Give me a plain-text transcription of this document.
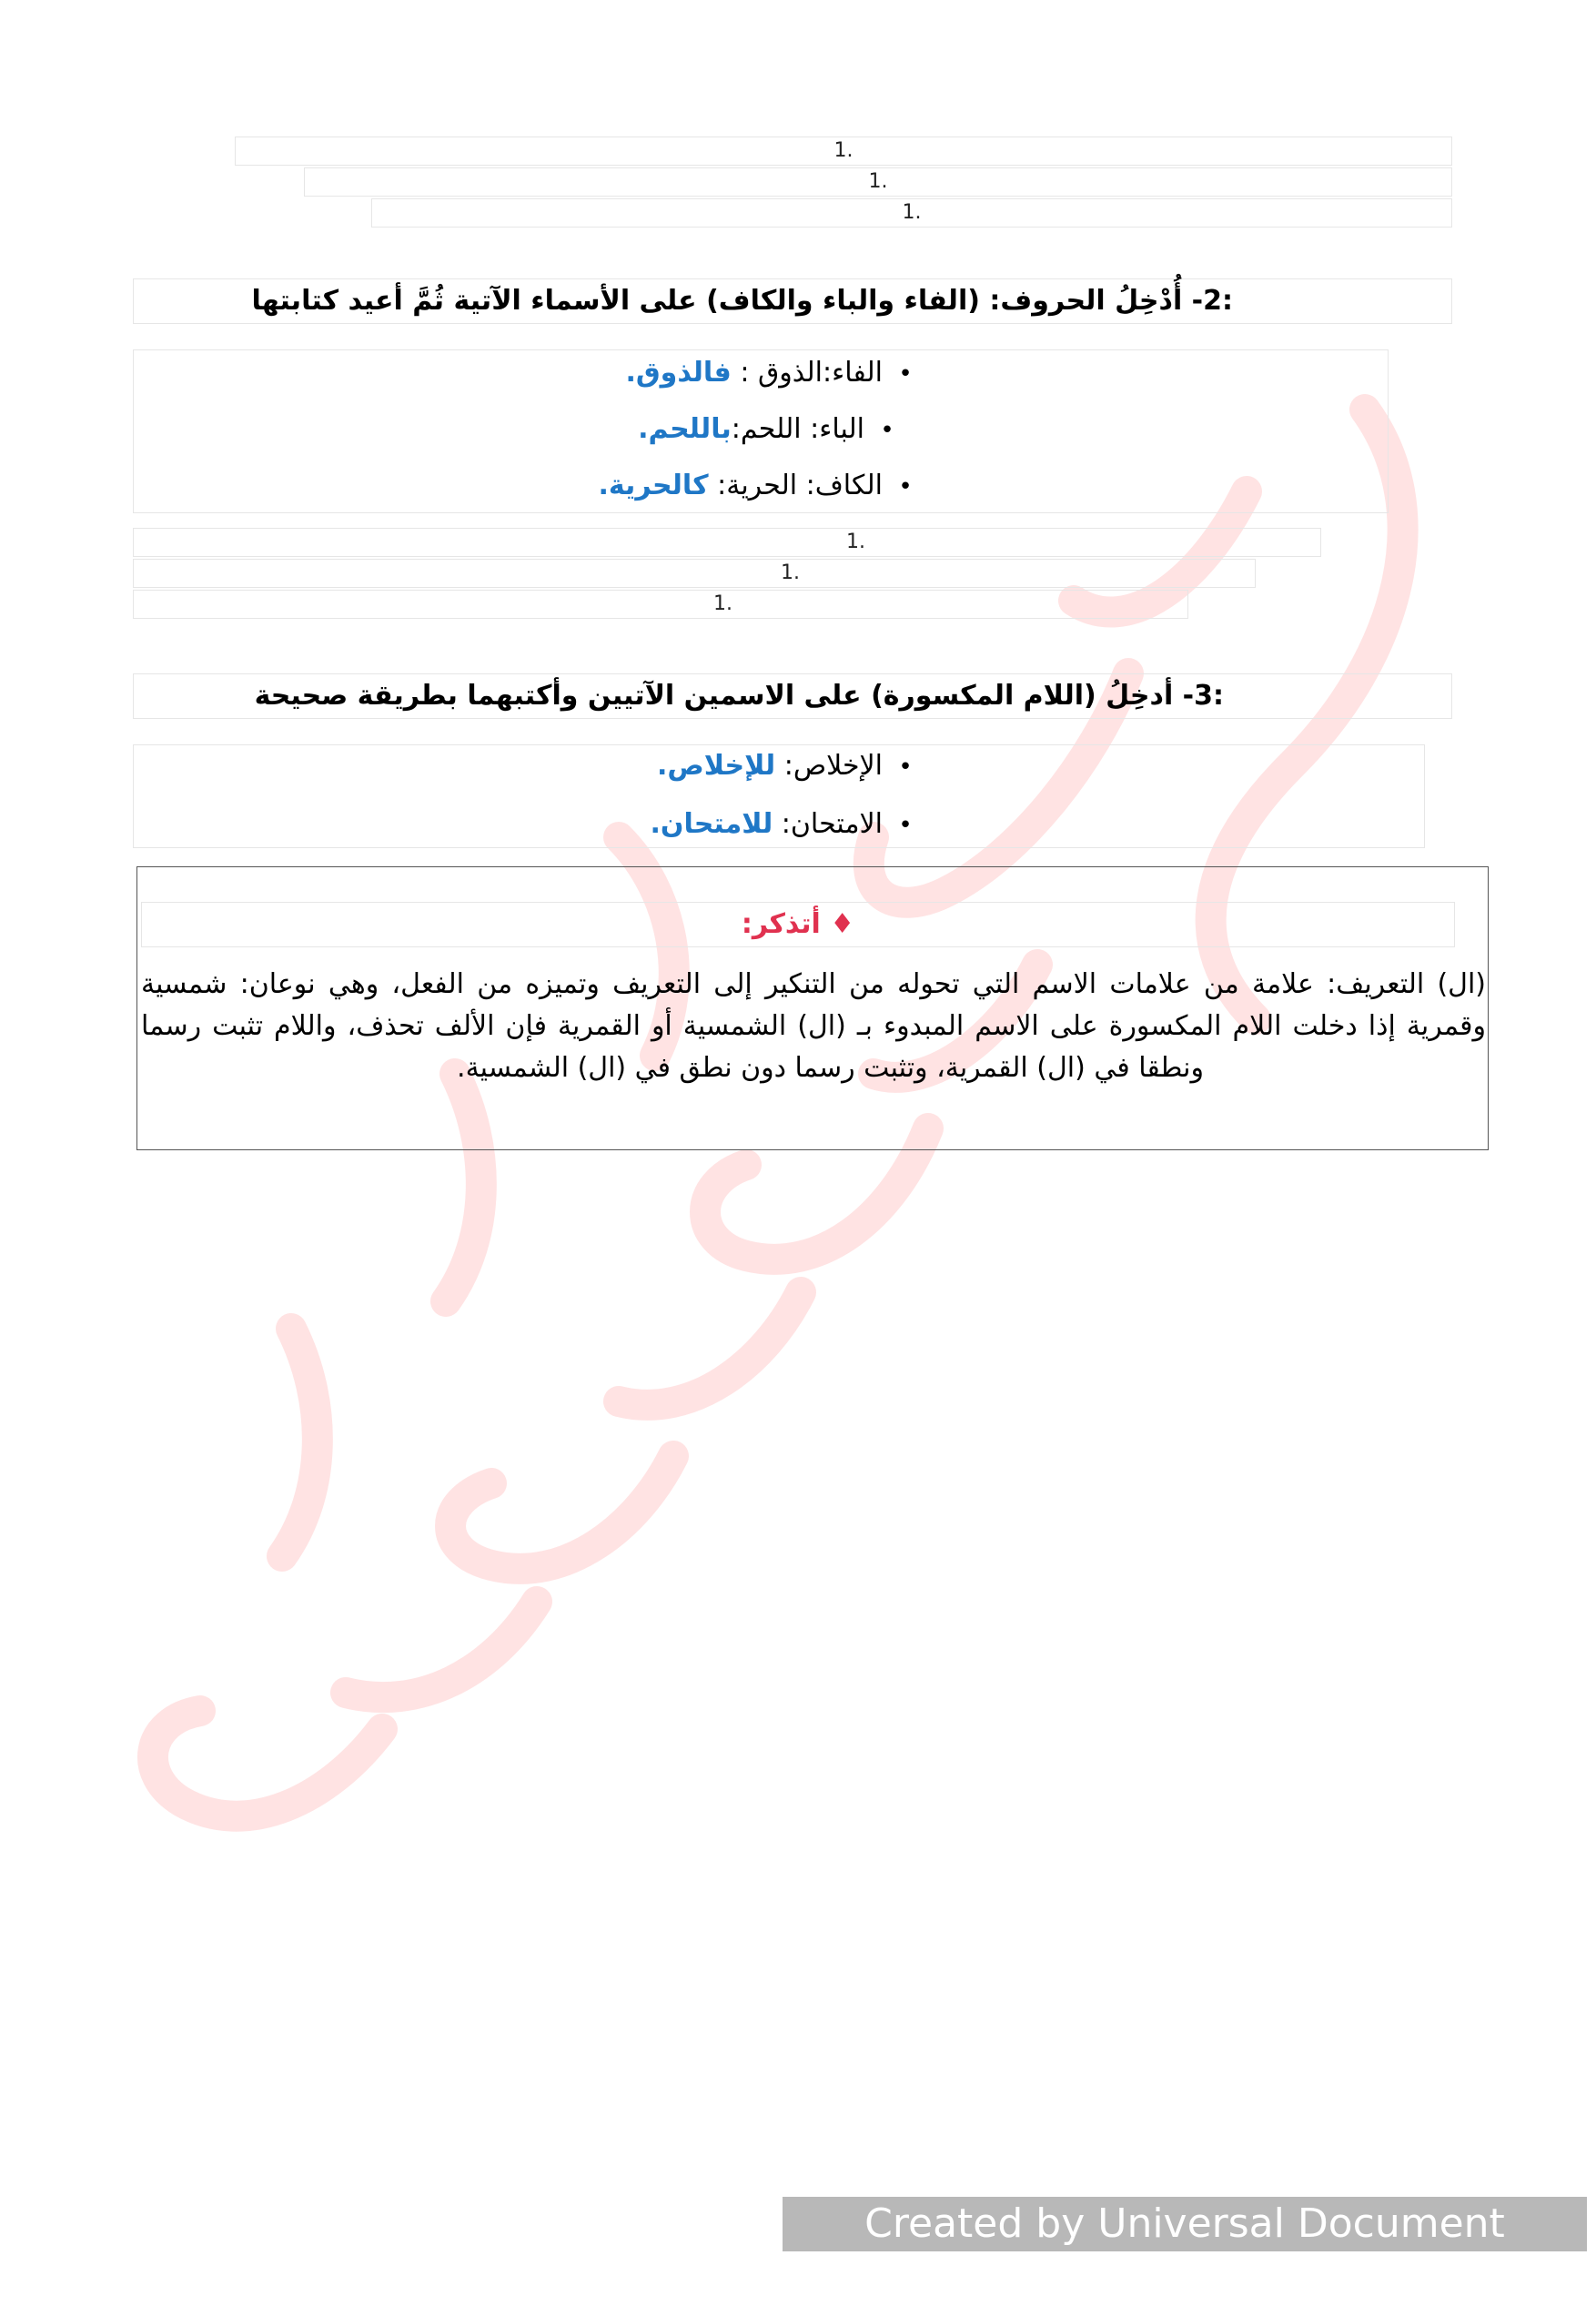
1.
1.
1.
:2- أُدْخِلُ الحروف: (الفاء والباء والكاف) على الأسماء الآتية ثُمَّ أعيد كتابتها
•الفاء:الذوق : فالذوق.
•الباء: اللحم:باللحم.
•الكاف: الحرية: كالحرية.
.1
.1
.1
:3- أدخِلُ (اللام المكسورة) على الاسمين الآتيين وأكتبهما بطريقة صحيحة
•الإخلاص: للإخلاص.
•الامتحان: للامتحان.
♦ أتذكر:
(ال) التعريف: علامة من علامات الاسم التي تحوله من التنكير إلى التعريف وتميزه من الفعل، وهي نوعان: شمسية
وقمرية إذا دخلت اللام المكسورة على الاسم المبدوء بـ (ال) الشمسية أو القمرية فإن الألف تحذف، واللام تثبت رسما
ونطقا في (ال) القمرية، وتثبت رسما دون نطق في (ال) الشمسية.
Created by Universal Document Converter
